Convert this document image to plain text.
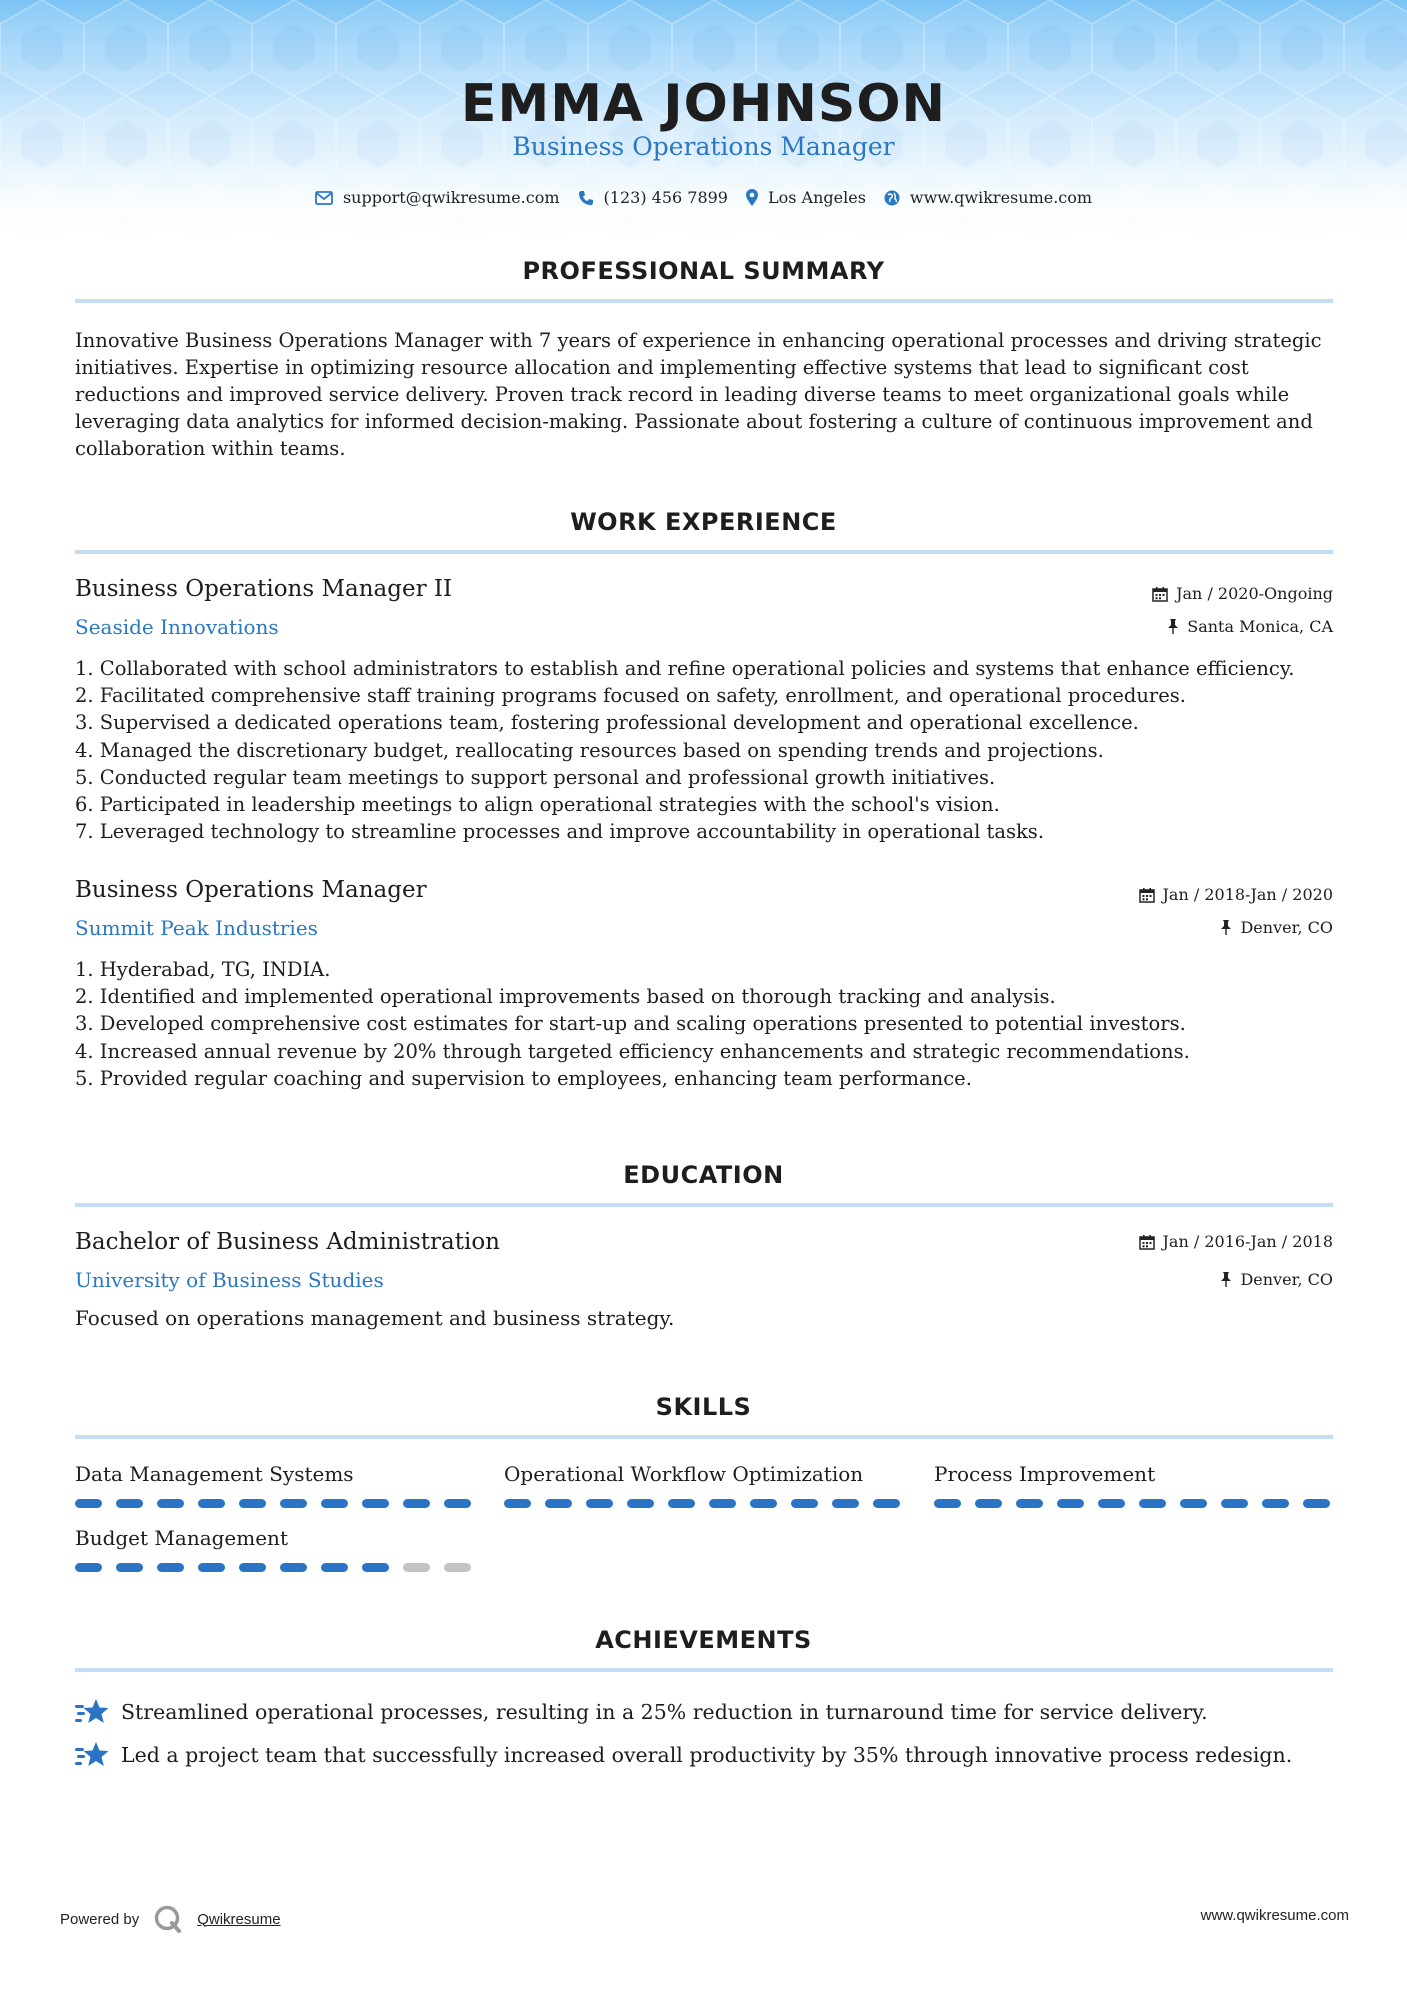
EMMA JOHNSON
Business Operations Manager
support@qwikresume.com	(123) 456 7899	Los Angeles	www.qwikresume.com
PROFESSIONAL SUMMARY
Innovative Business Operations Manager with 7 years of experience in enhancing operational processes and driving strategic initiatives. Expertise in optimizing resource allocation and implementing effective systems that lead to significant cost reductions and improved service delivery. Proven track record in leading diverse teams to meet organizational goals while leveraging data analytics for informed decision-making. Passionate about fostering a culture of continuous improvement and collaboration within teams.
WORK EXPERIENCE
Business Operations Manager II
Seaside Innovations
Jan / 2020-Ongoing
Santa Monica, CA
1. Collaborated with school administrators to establish and refine operational policies and systems that enhance efficiency.
2. Facilitated comprehensive staff training programs focused on safety, enrollment, and operational procedures.
3. Supervised a dedicated operations team, fostering professional development and operational excellence.
4. Managed the discretionary budget, reallocating resources based on spending trends and projections.
5. Conducted regular team meetings to support personal and professional growth initiatives.
6. Participated in leadership meetings to align operational strategies with the school's vision.
7. Leveraged technology to streamline processes and improve accountability in operational tasks.
Business Operations Manager
Summit Peak Industries
Jan / 2018-Jan / 2020
Denver, CO
1. Hyderabad, TG, INDIA.
2. Identified and implemented operational improvements based on thorough tracking and analysis.
3. Developed comprehensive cost estimates for start-up and scaling operations presented to potential investors.
4. Increased annual revenue by 20% through targeted efficiency enhancements and strategic recommendations.
5. Provided regular coaching and supervision to employees, enhancing team performance.
EDUCATION
Bachelor of Business Administration
University of Business Studies
Jan / 2016-Jan / 2018
Denver, CO
Focused on operations management and business strategy.
SKILLS
Data Management Systems	Operational Workflow Optimization	Process Improvement
Budget Management
ACHIEVEMENTS
Streamlined operational processes, resulting in a 25% reduction in turnaround time for service delivery.
Led a project team that successfully increased overall productivity by 35% through innovative process redesign.
Powered by	Qwikresume	www.qwikresume.com
